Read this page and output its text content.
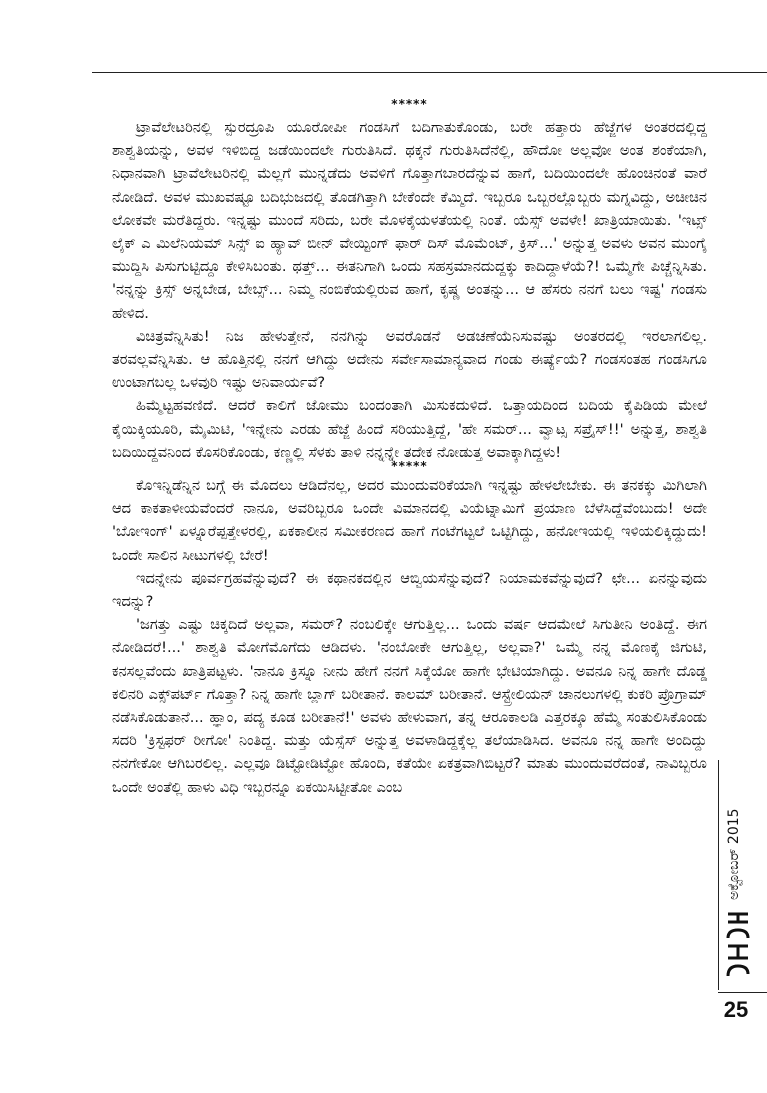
*****

ಟ್ರಾವೆಲೇಟರಿನಲ್ಲಿ ಸ್ಪುರದ್ರೂಪಿ ಯೂರೋಪೀ ಗಂಡಸಿಗೆ ಬದಿಗಾತುಕೊಂಡು, ಬರೇ ಹತ್ತಾರು ಹೆಜ್ಜೆಗಳ ಅಂತರದಲ್ಲಿದ್ದ ಶಾಶ್ವತಿಯನ್ನು, ಅವಳ ಇಳಿಬಿದ್ದ ಜಡೆಯಿಂದಲೇ ಗುರುತಿಸಿದೆ. ಥಕ್ಕನೆ ಗುರುತಿಸಿದೆನೆಲ್ಲಿ, ಹೌದೋ ಅಲ್ಲವೋ ಅಂತ ಶಂಕೆಯಾಗಿ, ನಿಧಾನವಾಗಿ ಟ್ರಾವೆಲೇಟರಿನಲ್ಲಿ ಮೆಲ್ಲಗೆ ಮುನ್ನಡೆದು ಅವಳಿಗೆ ಗೊತ್ತಾಗಬಾರದೆನ್ನುವ ಹಾಗೆ, ಬದಿಯಿಂದಲೇ ಹೊಂಚಿನಂತೆ ವಾರೆ ನೋಡಿದೆ. ಅವಳ ಮುಖವಷ್ಟೂ ಬದಿಭುಜದಲ್ಲಿ ತೊಡಗಿತ್ತಾಗಿ ಬೇಕೆಂದೇ ಕೆಮ್ಮಿದೆ. ಇಬ್ಬರೂ ಒಬ್ಬರಲ್ಲೊಬ್ಬರು ಮಗ್ನವಿದ್ದು, ಅಚೀಚಿನ ಲೋಕವೇ ಮರೆತಿದ್ದರು. ಇನ್ನಷ್ಟು ಮುಂದೆ ಸರಿದು, ಬರೇ ಮೊಳಕೈಯಳತೆಯಲ್ಲಿ ನಿಂತೆ. ಯೆಸ್ಸ್ ಅವಳೇ! ಖಾತ್ರಿಯಾಯಿತು. 'ಇಟ್ಸ್ ಲೈಕ್ ಎ ಮಿಲೆನಿಯಮ್ ಸಿನ್ಸ್ ಐ ಹ್ಯಾವ್ ಬೀನ್ ವೇಯ್ಟಿಂಗ್ ಫಾರ್ ದಿಸ್ ಮೊಮೆಂಟ್, ಕ್ರಿಸ್...' ಅನ್ನುತ್ತ ಅವಳು ಅವನ ಮುಂಗೈ ಮುದ್ದಿಸಿ ಪಿಸುಗುಟ್ಟಿದ್ದೂ ಕೇಳಿಸಿಬಂತು. ಥತ್ತ್... ಈತನಿಗಾಗಿ ಒಂದು ಸಹಸ್ರಮಾನದುದ್ದಕ್ಕು ಕಾದಿದ್ದಾಳೆಯೆ?! ಒಮ್ಮೆಗೇ ಪಿಚ್ಚೆನ್ನಿಸಿತು. 'ನನ್ನನ್ನು ಕ್ರಿಸ್ಸ್ ಅನ್ನಬೇಡ, ಬೇಬ್ಸ್... ನಿಮ್ಮ ನಂಬಿಕೆಯಲ್ಲಿರುವ ಹಾಗೆ, ಕೃಷ್ಣ ಅಂತನ್ನು... ಆ ಹೆಸರು ನನಗೆ ಬಲು ಇಷ್ಟ' ಗಂಡಸು ಹೇಳಿದ.

ವಿಚಿತ್ರವೆನ್ನಿಸಿತು! ನಿಜ ಹೇಳುತ್ತೇನೆ, ನನಗಿನ್ನು ಅವರೊಡನೆ ಅಡಚಣೆಯೆನಿಸುವಷ್ಟು ಅಂತರದಲ್ಲಿ ಇರಲಾಗಲಿಲ್ಲ. ತರವಲ್ಲವೆನ್ನಿಸಿತು. ಆ ಹೊತ್ತಿನಲ್ಲಿ ನನಗೆ ಆಗಿದ್ದು ಅದೇನು ಸರ್ವೇಸಾಮಾನ್ಯವಾದ ಗಂಡು ಈರ್ಷ್ಯೆಯೆ? ಗಂಡಸಂತಹ ಗಂಡಸಿಗೂ ಉಂಟಾಗಬಲ್ಲ ಒಳವುರಿ ಇಷ್ಟು ಅನಿವಾರ್ಯವೆ?

ಹಿಮ್ಮೆಟ್ಟಹವಣಿದೆ. ಆದರೆ ಕಾಲಿಗೆ ಜೋಮು ಬಂದಂತಾಗಿ ಮಿಸುಕದುಳಿದೆ. ಒತ್ತಾಯದಿಂದ ಬದಿಯ ಕೈಪಿಡಿಯ ಮೇಲೆ ಕೈಯಿಕ್ಕಿಯೂರಿ, ಮೈಮಿಟಿ, 'ಇನ್ನೇನು ಎರಡು ಹೆಜ್ಜೆ ಹಿಂದೆ ಸರಿಯುತ್ತಿದ್ದೆ, 'ಹೇ ಸಮರ್... ವ್ವಾಟ್ಸ ಸಪ್ರೈಸ್!!' ಅನ್ನುತ್ತ, ಶಾಶ್ವತಿ ಬದಿಯಿದ್ದವನಿಂದ ಕೊಸರಿಕೊಂಡು, ಕಣ್ಣಲ್ಲಿ ಸೆಳಕು ತಾಳಿ ನನ್ನನ್ನೇ ತದೇಕ ನೋಡುತ್ತ ಅವಾಕ್ಕಾಗಿದ್ದಳು!

*****

ಕೊಇನ್ನಿಡೆನ್ನಿನ ಬಗ್ಗೆ ಈ ಮೊದಲು ಆಡಿದೆನಲ್ಲ, ಅದರ ಮುಂದುವರಿಕೆಯಾಗಿ ಇನ್ನಷ್ಟು ಹೇಳಲೇಬೇಕು. ಈ ತನಕಕ್ಕು ಮಿಗಿಲಾಗಿ ಆದ ಕಾಕತಾಳೀಯವೆಂದರೆ ನಾನೂ, ಅವರಿಬ್ಬರೂ ಒಂದೇ ವಿಮಾನದಲ್ಲಿ ವಿಯೆಟ್ನಾಮಿಗೆ ಪ್ರಯಾಣ ಬೆಳೆಸಿದ್ದೆವೆಂಬುದು! ಅದೇ 'ಬೋಇಂಗ್' ಏಳ್ನೂರೆಪ್ಪತ್ತೇಳರಲ್ಲಿ, ಏಕಕಾಲೀನ ಸಮೀಕರಣದ ಹಾಗೆ ಗಂಟೆಗಟ್ಟಲೆ ಒಟ್ಟಿಗಿದ್ದು, ಹನೋಇಯಲ್ಲಿ ಇಳಿಯಲಿಕ್ಕಿದ್ದುದು! ಒಂದೇ ಸಾಲಿನ ಸೀಟುಗಳಲ್ಲಿ ಬೇರೆ!

ಇದನ್ನೇನು ಪೂರ್ವಗ್ರಹವೆನ್ನುವುದೆ? ಈ ಕಥಾನಕದಲ್ಲಿನ ಆಬ್ವಿಯಸೆನ್ನುವುದೆ? ನಿಯಾಮಕವೆನ್ನುವುದೆ? ಛೇ... ಏನನ್ನುವುದು ಇದನ್ನು?

'ಜಗತ್ತು ಎಷ್ಟು ಚಿಕ್ಕದಿದೆ ಅಲ್ಲವಾ, ಸಮರ್? ನಂಬಲಿಕ್ಕೇ ಆಗುತ್ತಿಲ್ಲ... ಒಂದು ವರ್ಷ ಆದಮೇಲೆ ಸಿಗುತೀನಿ ಅಂತಿದ್ದೆ. ಈಗ ನೋಡಿದರೆ!...' ಶಾಶ್ವತಿ ಮೋಗೆಮೊಗೆದು ಆಡಿದಳು. 'ನಂಬೋಕೇ ಆಗುತ್ತಿಲ್ಲ, ಅಲ್ಲವಾ?' ಒಮ್ಮೆ ನನ್ನ ಮೊಣಕೈ ಜಿಗುಟಿ, ಕನಸಲ್ಲವೆಂದು ಖಾತ್ರಿಪಟ್ಟಳು. 'ನಾನೂ ಕ್ರಿಸ್ನೂ ನೀನು ಹೇಗೆ ನನಗೆ ಸಿಕ್ಕೆಯೋ ಹಾಗೇ ಭೇಟಿಯಾಗಿದ್ದು. ಅವನೂ ನಿನ್ನ ಹಾಗೇ ದೊಡ್ಡ ಕಲಿನರಿ ಎಕ್ಸ್‌ಪರ್ಟ್ ಗೊತ್ತಾ? ನಿನ್ನ ಹಾಗೇ ಬ್ಲಾಗ್ ಬರೀತಾನೆ. ಕಾಲಮ್ ಬರೀತಾನೆ. ಆಸ್ಟ್ರೇಲಿಯನ್ ಚಾನಲುಗಳಲ್ಲಿ ಕುಕರಿ ಪ್ರೊಗ್ರಾಮ್ ನಡೆಸಿಕೊಡುತಾನೆ... ಹ್ಞಾಂ, ಪದ್ಯ ಕೂಡ ಬರೀತಾನೆ!' ಅವಳು ಹೇಳುವಾಗ, ತನ್ನ ಆರೂಕಾಲಡಿ ಎತ್ತರಕ್ಕೂ ಹೆಮ್ಮೆ ಸಂತುಲಿಸಿಕೊಂಡು ಸದರಿ 'ಕ್ರಿಸ್ಟಫರ್ ರೀಗೋ' ನಿಂತಿದ್ದ. ಮತ್ತು ಯೆಸ್ಸೆಸ್ ಅನ್ನುತ್ತ ಅವಳಾಡಿದ್ದಕ್ಕೆಲ್ಲ ತಲೆಯಾಡಿಸಿದ. ಅವನೂ ನನ್ನ ಹಾಗೇ ಅಂದಿದ್ದು ನನಗೇಕೋ ಆಗಿಬರಲಿಲ್ಲ. ಎಲ್ಲವೂ ಡಿಟ್ಟೋಡಿಟ್ಟೋ ಹೊಂದಿ, ಕತೆಯೇ ಏಕತ್ರವಾಗಿಬಿಟ್ಟರೆ? ಮಾತು ಮುಂದುವರೆದಂತೆ, ನಾವಿಬ್ಬರೂ ಒಂದೇ ಅಂತೆಲ್ಲಿ ಹಾಳು ವಿಧಿ ಇಬ್ಬರನ್ನೂ ಏಕಯಿಸಿಟ್ಟೀತೋ ಎಂಬ

ಅಕ್ಟೋಬರ್ 2015
25
